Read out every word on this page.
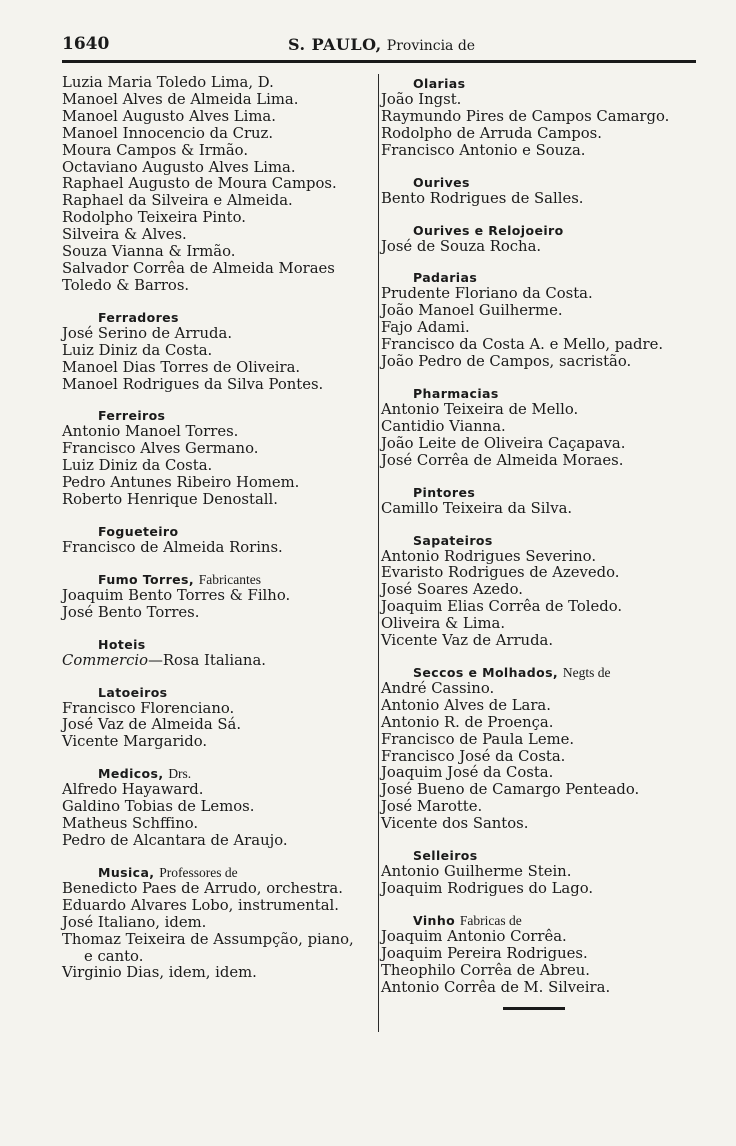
1640	S. PAULO, Provincia de
Luzia Maria Toledo Lima, D.
Manoel Alves de Almeida Lima.
Manoel Augusto Alves Lima.
Manoel Innocencio da Cruz.
Moura Campos & Irmão.
Octaviano Augusto Alves Lima.
Raphael Augusto de Moura Campos.
Raphael da Silveira e Almeida.
Rodolpho Teixeira Pinto.
Silveira & Alves.
Souza Vianna & Irmão.
Salvador Corrêa de Almeida Moraes
Toledo & Barros.
Ferradores
José Serino de Arruda.
Luiz Diniz da Costa.
Manoel Dias Torres de Oliveira.
Manoel Rodrigues da Silva Pontes.
Ferreiros
Antonio Manoel Torres.
Francisco Alves Germano.
Luiz Diniz da Costa.
Pedro Antunes Ribeiro Homem.
Roberto Henrique Denostall.
Fogueteiro
Francisco de Almeida Rorins.
Fumo Torres, Fabricantes
Joaquim Bento Torres & Filho.
José Bento Torres.
Hoteis
Commercio—Rosa Italiana.
Latoeiros
Francisco Florenciano.
José Vaz de Almeida Sá.
Vicente Margarido.
Medicos, Drs.
Alfredo Hayaward.
Galdino Tobias de Lemos.
Matheus Schffino.
Pedro de Alcantara de Araujo.
Musica, Professores de
Benedicto Paes de Arrudo, orchestra.
Eduardo Alvares Lobo, instrumental.
José Italiano, idem.
Thomaz Teixeira de Assumpção, piano,
e canto.
Virginio Dias, idem, idem.
Olarias
João Ingst.
Raymundo Pires de Campos Camargo.
Rodolpho de Arruda Campos.
Francisco Antonio e Souza.
Ourives
Bento Rodrigues de Salles.
Ourives e Relojoeiro
José de Souza Rocha.
Padarias
Prudente Floriano da Costa.
João Manoel Guilherme.
Fajo Adami.
Francisco da Costa A. e Mello, padre.
João Pedro de Campos, sacristão.
Pharmacias
Antonio Teixeira de Mello.
Cantidio Vianna.
João Leite de Oliveira Caçapava.
José Corrêa de Almeida Moraes.
Pintores
Camillo Teixeira da Silva.
Sapateiros
Antonio Rodrigues Severino.
Evaristo Rodrigues de Azevedo.
José Soares Azedo.
Joaquim Elias Corrêa de Toledo.
Oliveira & Lima.
Vicente Vaz de Arruda.
Seccos e Molhados, Negts de
André Cassino.
Antonio Alves de Lara.
Antonio R. de Proença.
Francisco de Paula Leme.
Francisco José da Costa.
Joaquim José da Costa.
José Bueno de Camargo Penteado.
José Marotte.
Vicente dos Santos.
Selleiros
Antonio Guilherme Stein.
Joaquim Rodrigues do Lago.
Vinho Fabricas de
Joaquim Antonio Corrêa.
Joaquim Pereira Rodrigues.
Theophilo Corrêa de Abreu.
Antonio Corrêa de M. Silveira.
